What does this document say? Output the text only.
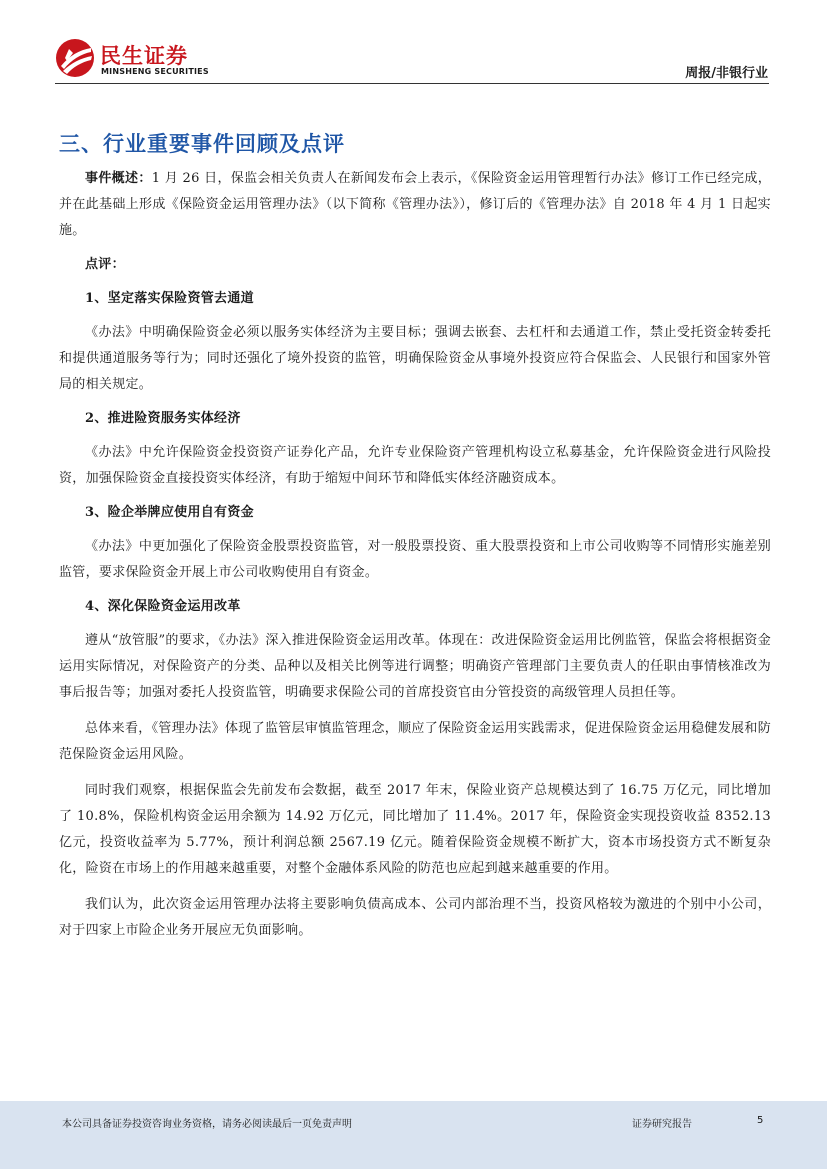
民生证券
MINSHENG SECURITIES	周报/非银行业
三、行业重要事件回顾及点评

事件概述：1 月 26 日，保监会相关负责人在新闻发布会上表示，《保险资金运用管理暂行办法》修订工作已经完成，并在此基础上形成《保险资金运用管理办法》（以下简称《管理办法》），修订后的《管理办法》自 2018 年 4 月 1 日起实施。

点评：

1、坚定落实保险资管去通道

《办法》中明确保险资金必须以服务实体经济为主要目标；强调去嵌套、去杠杆和去通道工作，禁止受托资金转委托和提供通道服务等行为；同时还强化了境外投资的监管，明确保险资金从事境外投资应符合保监会、人民银行和国家外管局的相关规定。

2、推进险资服务实体经济

《办法》中允许保险资金投资资产证券化产品，允许专业保险资产管理机构设立私募基金，允许保险资金进行风险投资，加强保险资金直接投资实体经济，有助于缩短中间环节和降低实体经济融资成本。

3、险企举牌应使用自有资金

《办法》中更加强化了保险资金股票投资监管，对一般股票投资、重大股票投资和上市公司收购等不同情形实施差别监管，要求保险资金开展上市公司收购使用自有资金。

4、深化保险资金运用改革

遵从“放管服”的要求，《办法》深入推进保险资金运用改革。体现在：改进保险资金运用比例监管，保监会将根据资金运用实际情况，对保险资产的分类、品种以及相关比例等进行调整；明确资产管理部门主要负责人的任职由事情核准改为事后报告等；加强对委托人投资监管，明确要求保险公司的首席投资官由分管投资的高级管理人员担任等。

总体来看，《管理办法》体现了监管层审慎监管理念，顺应了保险资金运用实践需求，促进保险资金运用稳健发展和防范保险资金运用风险。

同时我们观察，根据保监会先前发布会数据，截至 2017 年末，保险业资产总规模达到了 16.75 万亿元，同比增加了 10.8%，保险机构资金运用余额为 14.92 万亿元，同比增加了 11.4%。2017 年，保险资金实现投资收益 8352.13 亿元，投资收益率为 5.77%，预计利润总额 2567.19 亿元。随着保险资金规模不断扩大，资本市场投资方式不断复杂化，险资在市场上的作用越来越重要，对整个金融体系风险的防范也应起到越来越重要的作用。

我们认为，此次资金运用管理办法将主要影响负债高成本、公司内部治理不当，投资风格较为激进的个别中小公司，对于四家上市险企业务开展应无负面影响。

本公司具备证券投资咨询业务资格，请务必阅读最后一页免责声明	证券研究报告	5
